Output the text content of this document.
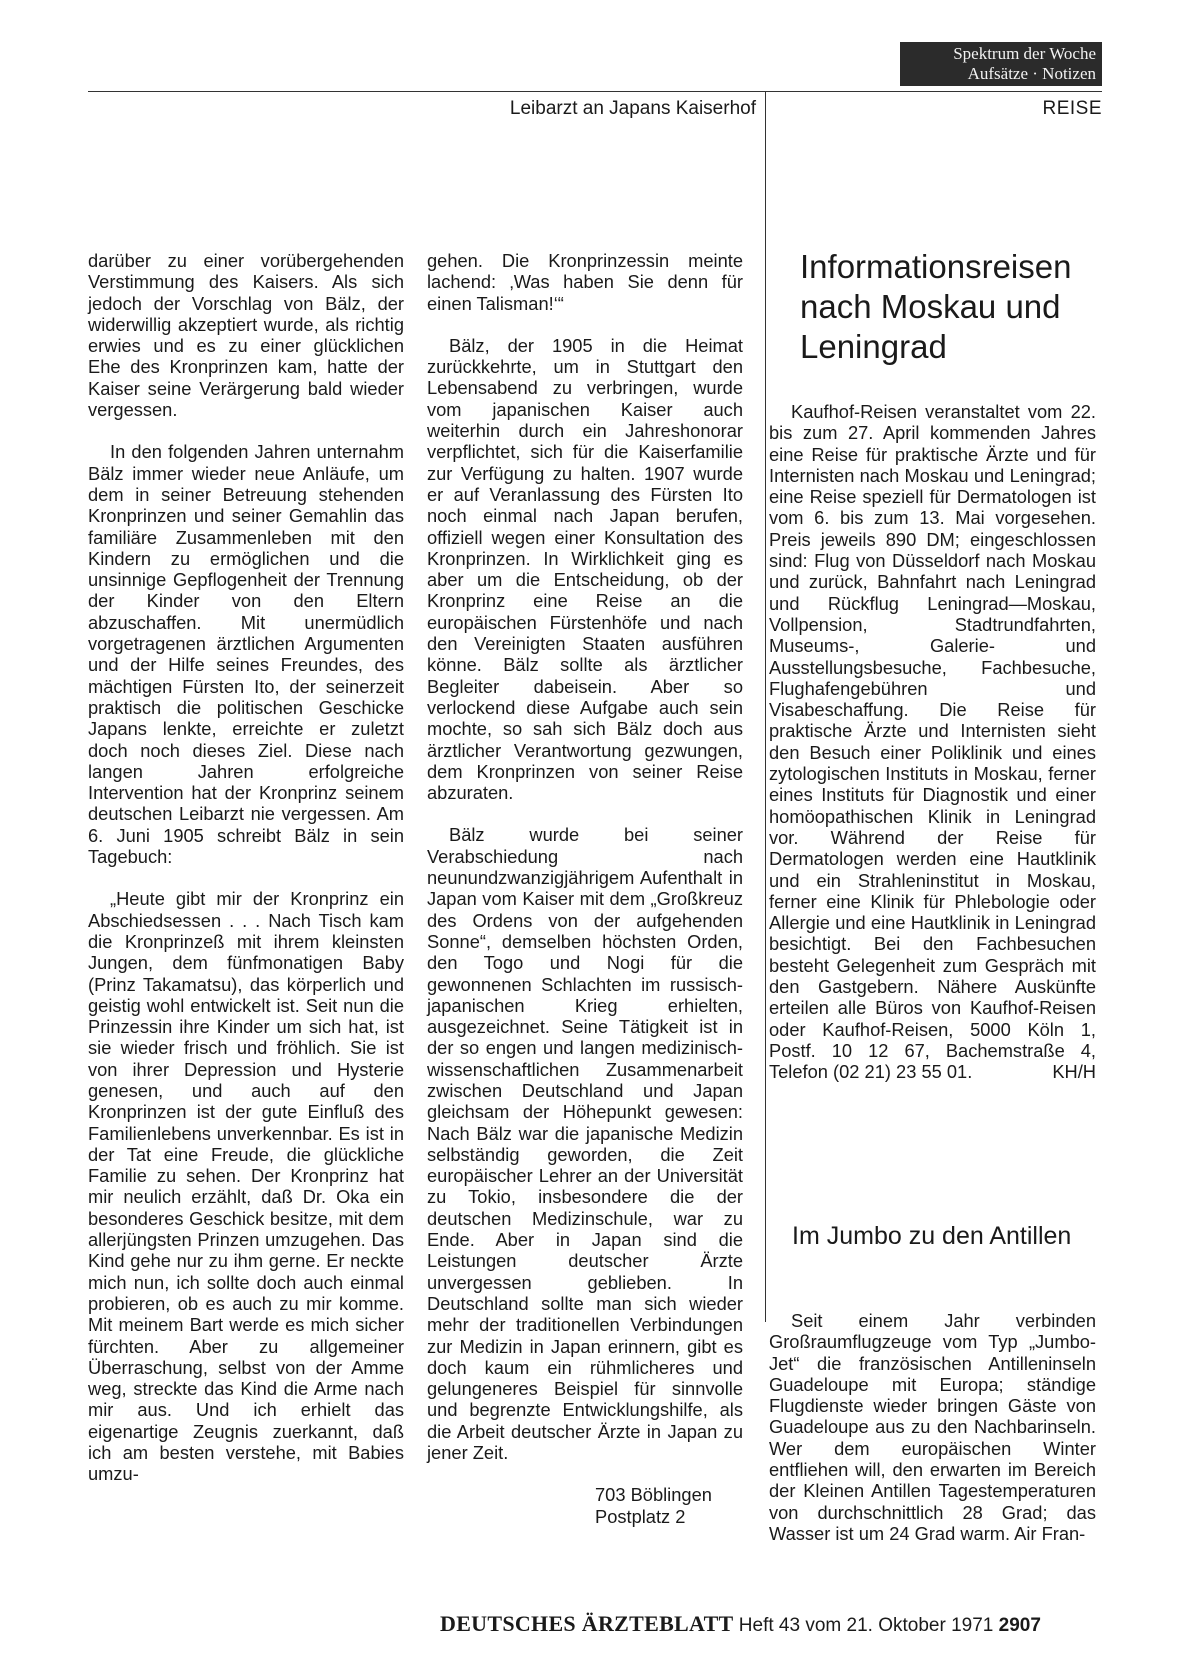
Spektrum der Woche
Aufsätze · Notizen
Leibarzt an Japans Kaiserhof	REISE

darüber zu einer vorübergehenden Verstimmung des Kaisers. Als sich jedoch der Vorschlag von Bälz, der widerwillig akzeptiert wurde, als richtig erwies und es zu einer glücklichen Ehe des Kronprinzen kam, hatte der Kaiser seine Verärgerung bald wieder vergessen.

In den folgenden Jahren unternahm Bälz immer wieder neue Anläufe, um dem in seiner Betreuung stehenden Kronprinzen und seiner Gemahlin das familiäre Zusammenleben mit den Kindern zu ermöglichen und die unsinnige Gepflogenheit der Trennung der Kinder von den Eltern abzuschaffen. Mit unermüdlich vorgetragenen ärztlichen Argumenten und der Hilfe seines Freundes, des mächtigen Fürsten Ito, der seinerzeit praktisch die politischen Geschicke Japans lenkte, erreichte er zuletzt doch noch dieses Ziel. Diese nach langen Jahren erfolgreiche Intervention hat der Kronprinz seinem deutschen Leibarzt nie vergessen. Am 6. Juni 1905 schreibt Bälz in sein Tagebuch:

„Heute gibt mir der Kronprinz ein Abschiedsessen . . . Nach Tisch kam die Kronprinzeß mit ihrem kleinsten Jungen, dem fünfmonatigen Baby (Prinz Takamatsu), das körperlich und geistig wohl entwickelt ist. Seit nun die Prinzessin ihre Kinder um sich hat, ist sie wieder frisch und fröhlich. Sie ist von ihrer Depression und Hysterie genesen, und auch auf den Kronprinzen ist der gute Einfluß des Familienlebens unverkennbar. Es ist in der Tat eine Freude, die glückliche Familie zu sehen. Der Kronprinz hat mir neulich erzählt, daß Dr. Oka ein besonderes Geschick besitze, mit dem allerjüngsten Prinzen umzugehen. Das Kind gehe nur zu ihm gerne. Er neckte mich nun, ich sollte doch auch einmal probieren, ob es auch zu mir komme. Mit meinem Bart werde es mich sicher fürchten. Aber zu allgemeiner Überraschung, selbst von der Amme weg, streckte das Kind die Arme nach mir aus. Und ich erhielt das eigenartige Zeugnis zuerkannt, daß ich am besten verstehe, mit Babies umzu-

gehen. Die Kronprinzessin meinte lachend: ‚Was haben Sie denn für einen Talisman!‘“

Bälz, der 1905 in die Heimat zurückkehrte, um in Stuttgart den Lebensabend zu verbringen, wurde vom japanischen Kaiser auch weiterhin durch ein Jahreshonorar verpflichtet, sich für die Kaiserfamilie zur Verfügung zu halten. 1907 wurde er auf Veranlassung des Fürsten Ito noch einmal nach Japan berufen, offiziell wegen einer Konsultation des Kronprinzen. In Wirklichkeit ging es aber um die Entscheidung, ob der Kronprinz eine Reise an die europäischen Fürstenhöfe und nach den Vereinigten Staaten ausführen könne. Bälz sollte als ärztlicher Begleiter dabeisein. Aber so verlockend diese Aufgabe auch sein mochte, so sah sich Bälz doch aus ärztlicher Verantwortung gezwungen, dem Kronprinzen von seiner Reise abzuraten.

Bälz wurde bei seiner Verabschiedung nach neunundzwanzigjährigem Aufenthalt in Japan vom Kaiser mit dem „Großkreuz des Ordens von der aufgehenden Sonne“, demselben höchsten Orden, den Togo und Nogi für die gewonnenen Schlachten im russisch-japanischen Krieg erhielten, ausgezeichnet. Seine Tätigkeit ist in der so engen und langen medizinisch-wissenschaftlichen Zusammenarbeit zwischen Deutschland und Japan gleichsam der Höhepunkt gewesen: Nach Bälz war die japanische Medizin selbständig geworden, die Zeit europäischer Lehrer an der Universität zu Tokio, insbesondere die der deutschen Medizinschule, war zu Ende. Aber in Japan sind die Leistungen deutscher Ärzte unvergessen geblieben. In Deutschland sollte man sich wieder mehr der traditionellen Verbindungen zur Medizin in Japan erinnern, gibt es doch kaum ein rühmlicheres und gelungeneres Beispiel für sinnvolle und begrenzte Entwicklungshilfe, als die Arbeit deutscher Ärzte in Japan zu jener Zeit.

703 Böblingen
Postplatz 2
Informationsreisen nach Moskau und Leningrad

Kaufhof-Reisen veranstaltet vom 22. bis zum 27. April kommenden Jahres eine Reise für praktische Ärzte und für Internisten nach Moskau und Leningrad; eine Reise speziell für Dermatologen ist vom 6. bis zum 13. Mai vorgesehen. Preis jeweils 890 DM; eingeschlossen sind: Flug von Düsseldorf nach Moskau und zurück, Bahnfahrt nach Leningrad und Rückflug Leningrad—Moskau, Vollpension, Stadtrundfahrten, Museums-, Galerie- und Ausstellungsbesuche, Fachbesuche, Flughafengebühren und Visabeschaffung. Die Reise für praktische Ärzte und Internisten sieht den Besuch einer Poliklinik und eines zytologischen Instituts in Moskau, ferner eines Instituts für Diagnostik und einer homöopathischen Klinik in Leningrad vor. Während der Reise für Dermatologen werden eine Hautklinik und ein Strahleninstitut in Moskau, ferner eine Klinik für Phlebologie oder Allergie und eine Hautklinik in Leningrad besichtigt. Bei den Fachbesuchen besteht Gelegenheit zum Gespräch mit den Gastgebern. Nähere Auskünfte erteilen alle Büros von Kaufhof-Reisen oder Kaufhof-Reisen, 5000 Köln 1, Postf. 10 12 67, Bachemstraße 4, Telefon (02 21) 23 55 01.	KH/H

Im Jumbo zu den Antillen

Seit einem Jahr verbinden Großraumflugzeuge vom Typ „Jumbo-Jet“ die französischen Antilleninseln Guadeloupe mit Europa; ständige Flugdienste wieder bringen Gäste von Guadeloupe aus zu den Nachbarinseln. Wer dem europäischen Winter entfliehen will, den erwarten im Bereich der Kleinen Antillen Tagestemperaturen von durchschnittlich 28 Grad; das Wasser ist um 24 Grad warm. Air Fran-

DEUTSCHES ÄRZTEBLATT Heft 43 vom 21. Oktober 1971 2907
